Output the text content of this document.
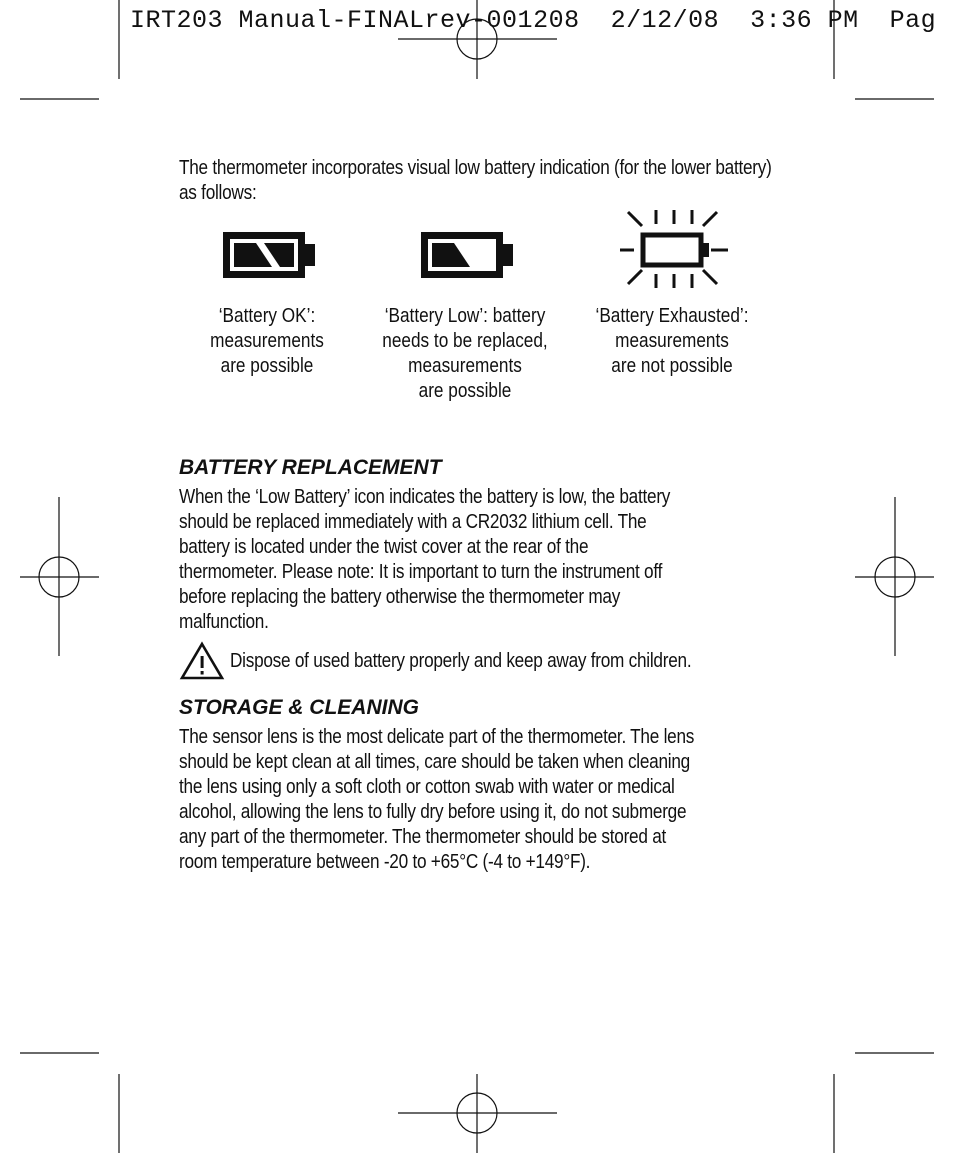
IRT203 Manual-FINALrev-001208  2/12/08  3:36 PM  Pag

The thermometer incorporates visual low battery indication (for the lower battery) as follows:

‘Battery OK’:
measurements
are possible
‘Battery Low’: battery
needs to be replaced,
measurements
are possible
‘Battery Exhausted’:
measurements
are not possible
BATTERY REPLACEMENT

When the ‘Low Battery’ icon indicates the battery is low, the battery

should be replaced immediately with a CR2032 lithium cell. The

battery is located under the twist cover at the rear of the

thermometer. Please note: It is important to turn the instrument off

before replacing the battery otherwise the thermometer may

malfunction.

Dispose of used battery properly and keep away from children.

STORAGE & CLEANING

The sensor lens is the most delicate part of the thermometer. The lens

should be kept clean at all times, care should be taken when cleaning

the lens using only a soft cloth or cotton swab with water or medical

alcohol, allowing the lens to fully dry before using it, do not submerge

any part of the thermometer. The thermometer should be stored at

room temperature between -20 to +65°C (-4 to +149°F).
